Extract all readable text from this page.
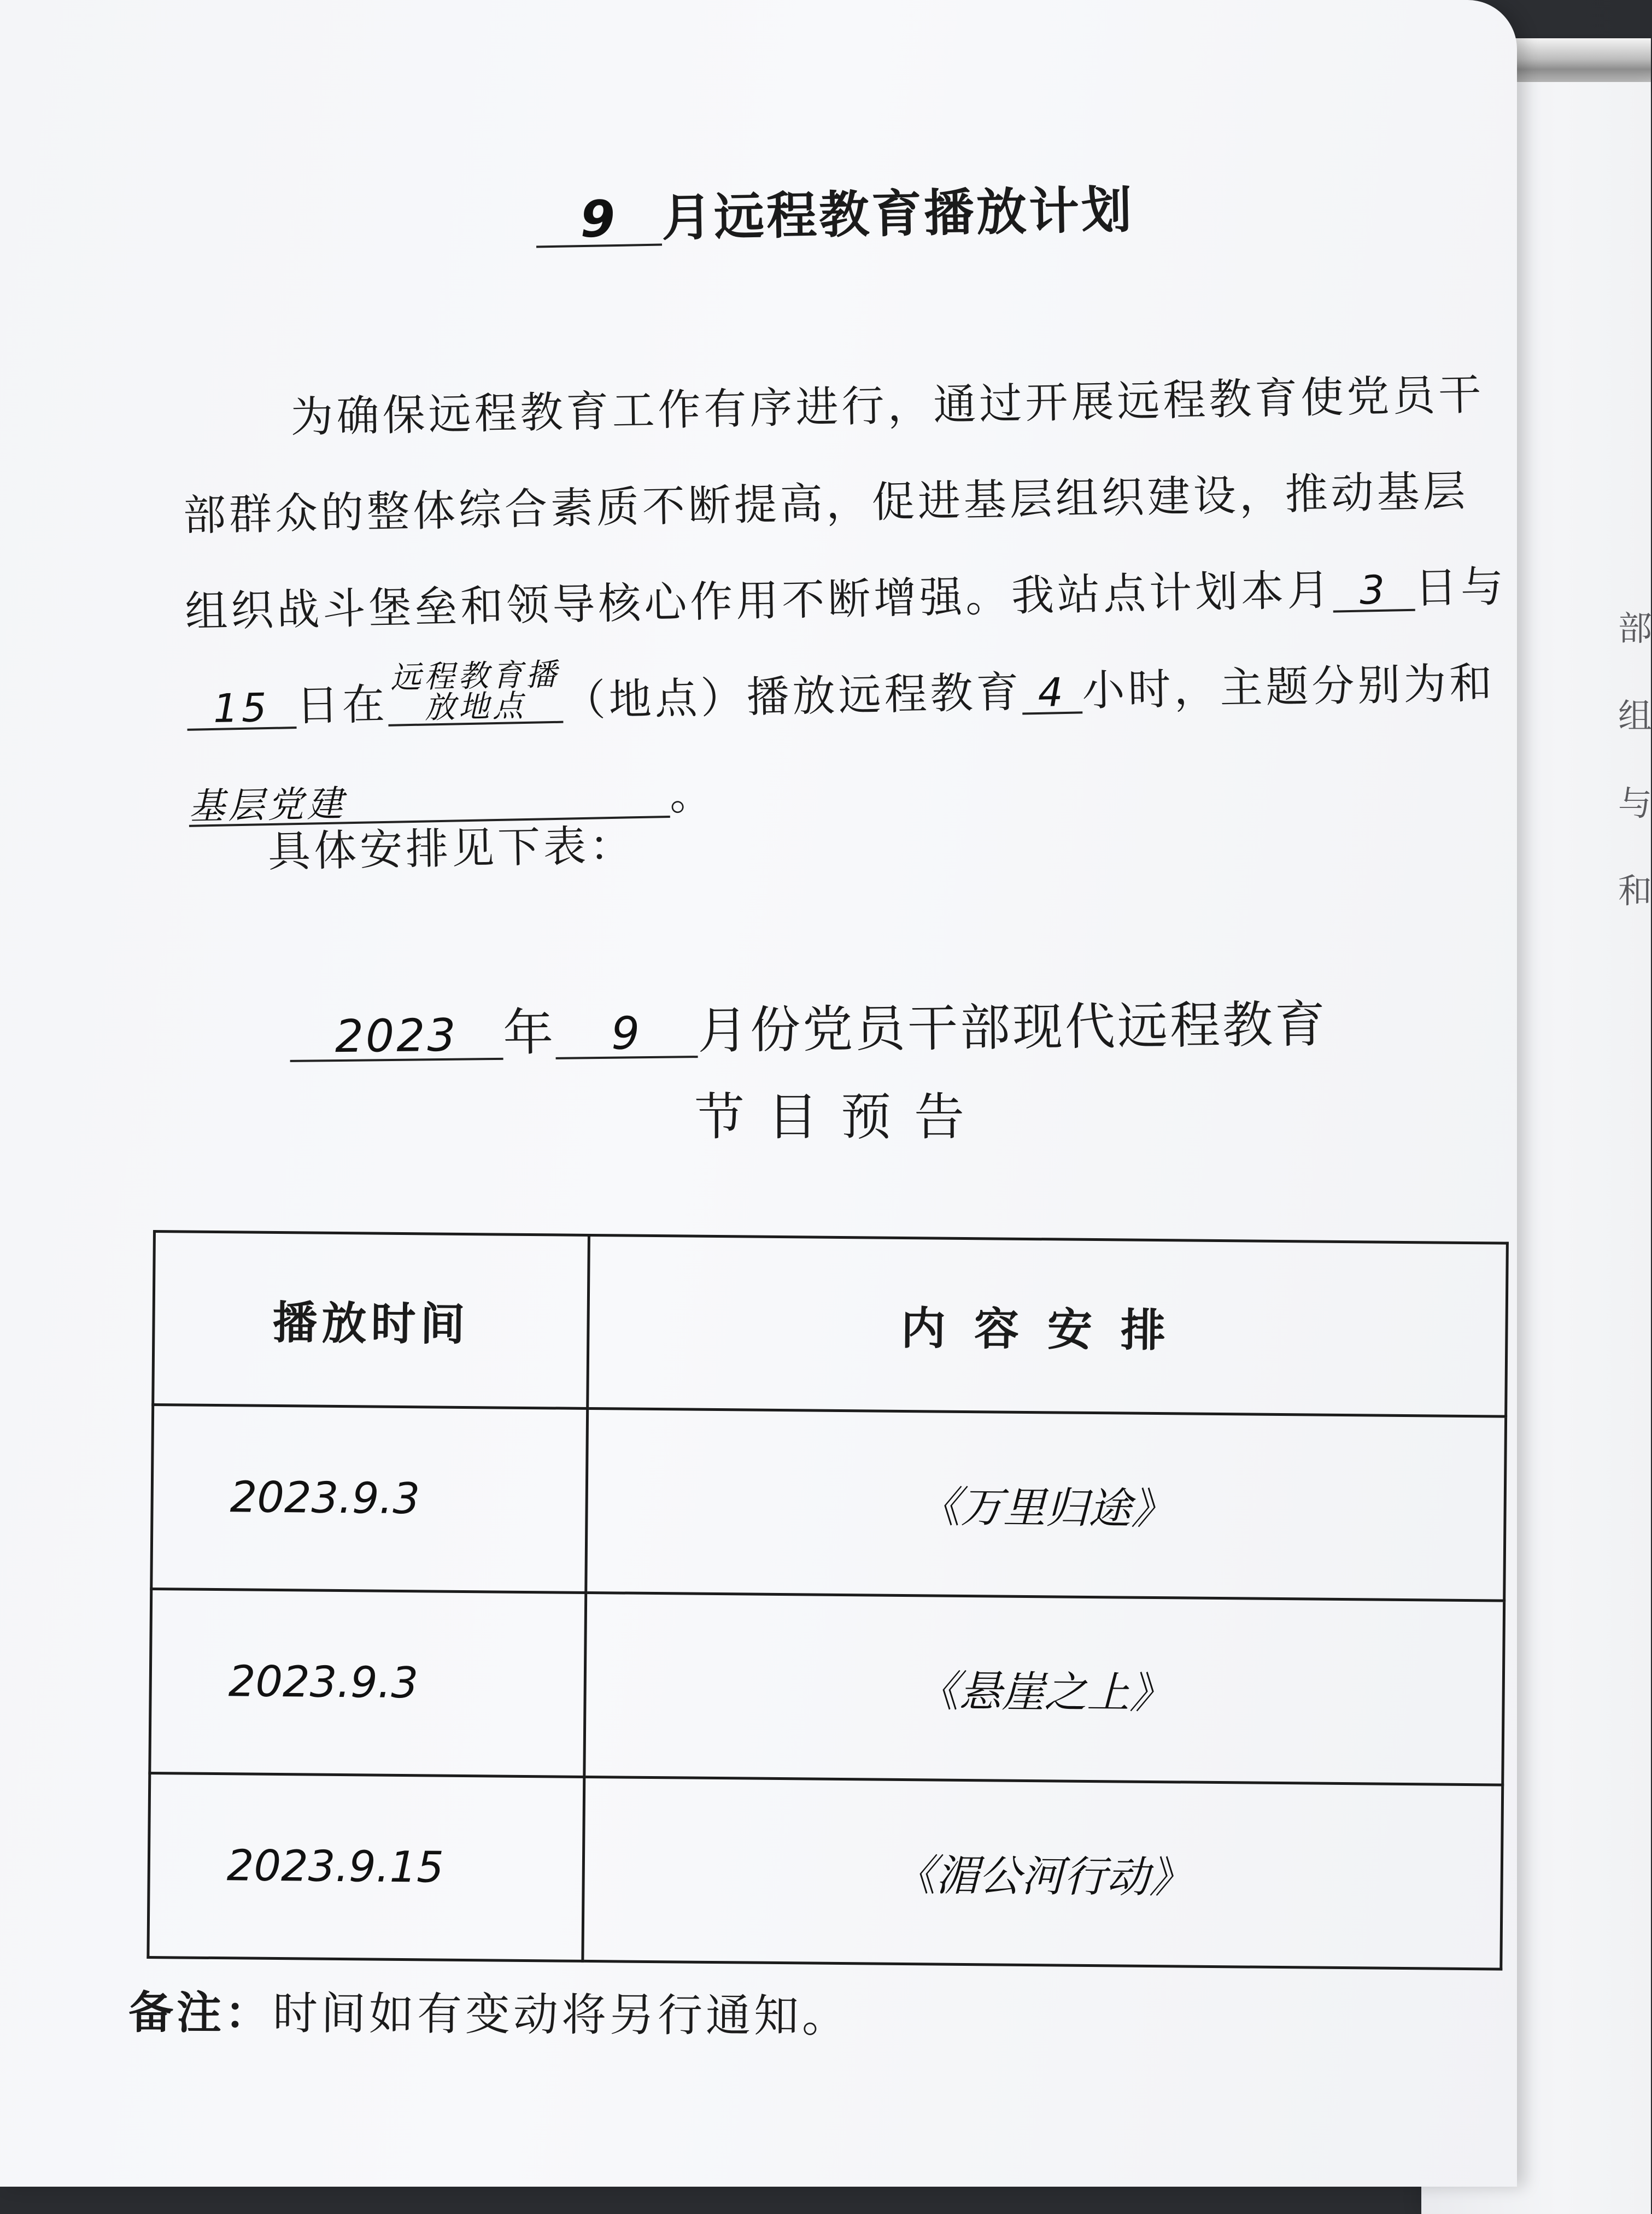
部
组
与
和
9 月远程教育播放计划
为确保远程教育工作有序进行，通过开展远程教育使党员干部群众的整体综合素质不断提高，促进基层组织建设，推动基层组织战斗堡垒和领导核心作用不断增强。我站点计划本月 3 日与15 日在远程教育播放地点 （地点）播放远程教育 4 小时，主题分别为和基层党建	。
具体安排见下表：
2023 年 9 月份党员干部现代远程教育
节目预告
播放时间	内容安排
2023.9.3	《万里归途》
2023.9.3	《悬崖之上》
2023.9.15	《湄公河行动》
备注：时间如有变动将另行通知。
